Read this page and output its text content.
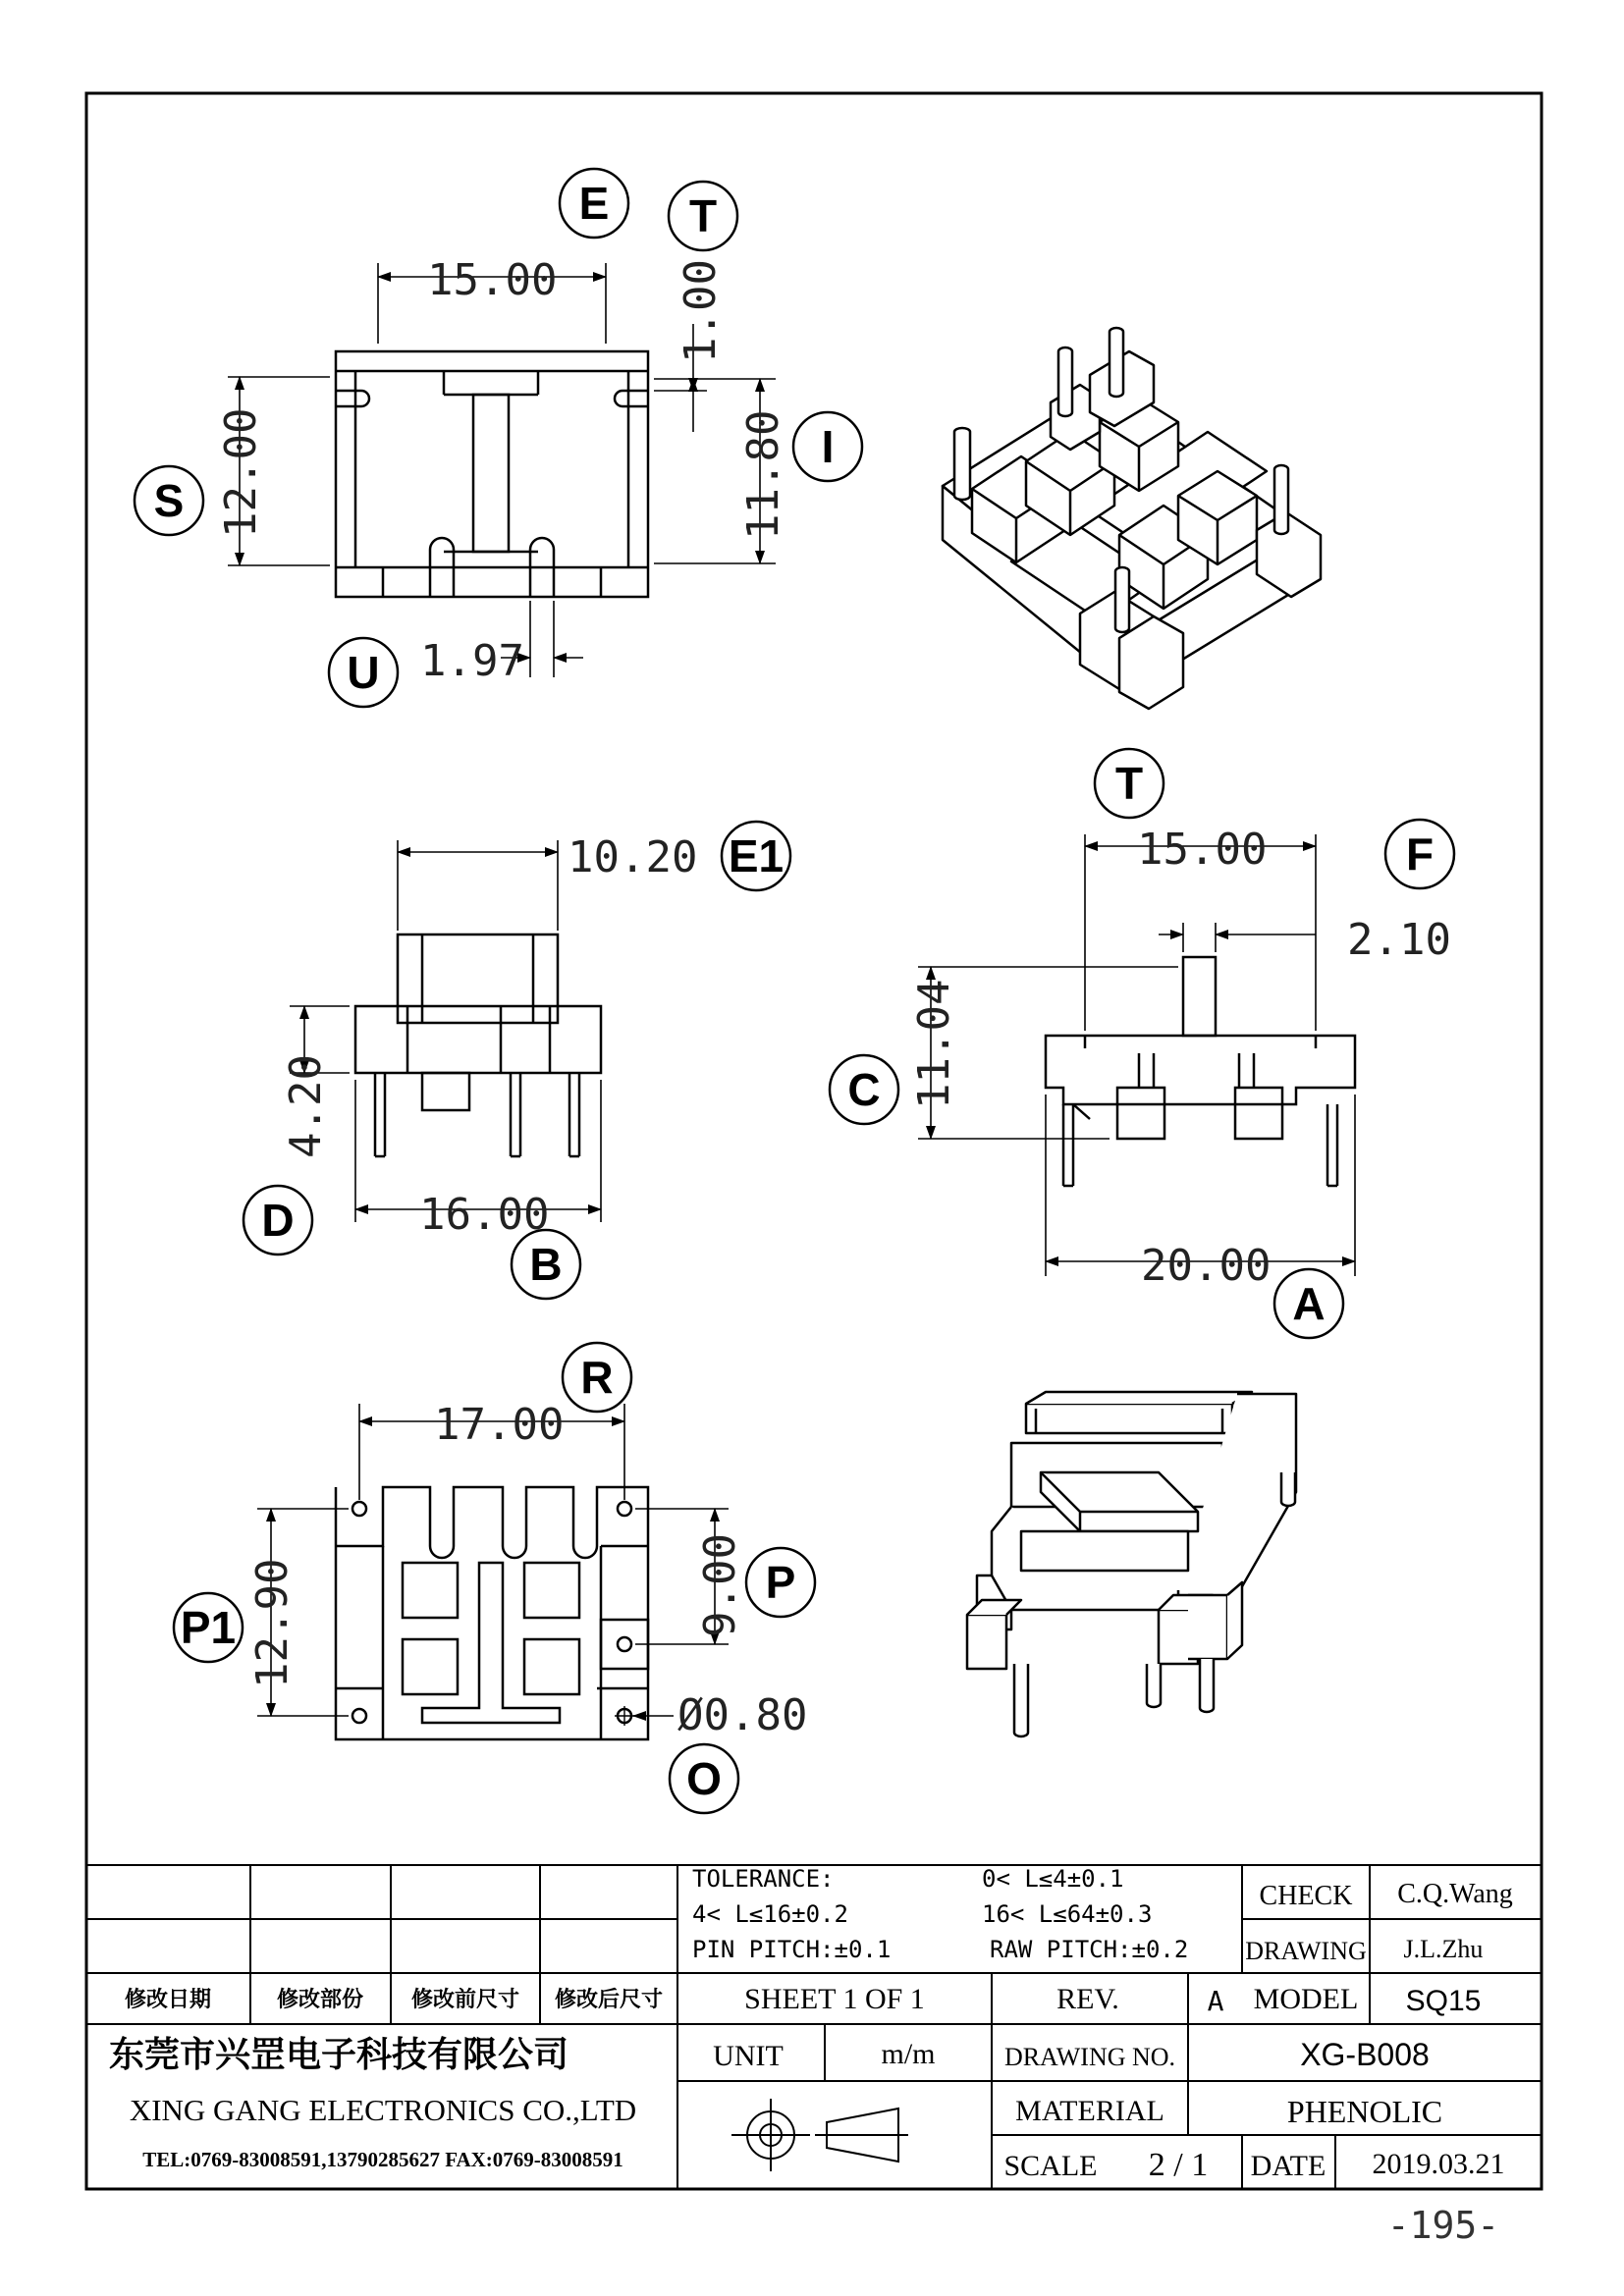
15.00	1.00
12.00	11.80
1.97
10.20
4.20
16.00
15.00
2.10
11.04
20.00
17.00
12.90	9.00
Ø0.80
E T
S
I
U
E1
D
B
T
F
C
A
R
P
P1
O
修改日期	修改部份 修改前尺寸 修改后尺寸
TOLERANCE:	0< L≤4±0.1
4< L≤16±0.2	16< L≤64±0.3
PIN PITCH:±0.1	RAW PITCH:±0.2
CHECK C.Q.Wang
DRAWING J.L.Zhu
SHEET 1 OF 1	REV.	A MODEL SQ15
东莞市兴罡电子科技有限公司
XING GANG ELECTRONICS CO.,LTD
TEL:0769-83008591,13790285627 FAX:0769-83008591
UNIT	m/m	DRAWING NO.	XG-B008
MATERIAL	PHENOLIC
SCALE 2 / 1 DATE 2019.03.21
-195-
